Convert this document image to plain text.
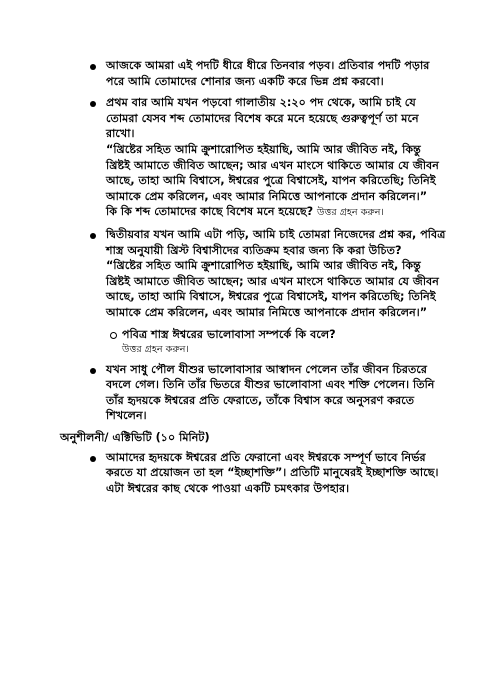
আজকে আমরা এই পদটি ধীরে ধীরে তিনবার পড়ব। প্রতিবার পদটি পড়ার পরে আমি তোমাদের শোনার জন্য একটি করে ভিন্ন প্রশ্ন করবো।

প্রথম বার আমি যখন পড়বো গালাতীয় ২:২০ পদ থেকে, আমি চাই যে তোমরা যেসব শব্দ তোমাদের বিশেষ করে মনে হয়েছে গুরুত্বপূর্ণ তা মনে রাখো।

“খ্রিষ্টের সহিত আমি ক্রুশারোপিত হইয়াছি, আমি আর জীবিত নই, কিন্তু খ্রিষ্টই আমাতে জীবিত আছেন; আর এখন মাংসে থাকিতে আমার যে জীবন আছে, তাহা আমি বিশ্বাসে, ঈশ্বরের পুত্রে বিশ্বাসেই, যাপন করিতেছি; তিনিই আমাকে প্রেম করিলেন, এবং আমার নিমিত্তে আপনাকে প্রদান করিলেন।”

কি কি শব্দ তোমাদের কাছে বিশেষ মনে হয়েছে? উত্তর গ্রহন করুন।

দ্বিতীয়বার যখন আমি এটা পড়ি, আমি চাই তোমরা নিজেদের প্রশ্ন কর, পবিত্র শাস্ত্র অনুযায়ী খ্রিস্ট বিশ্বাসীদের ব্যতিক্রম হবার জন্য কি করা উচিত?

“খ্রিষ্টের সহিত আমি ক্রুশারোপিত হইয়াছি, আমি আর জীবিত নই, কিন্তু খ্রিষ্টই আমাতে জীবিত আছেন; আর এখন মাংসে থাকিতে আমার যে জীবন আছে, তাহা আমি বিশ্বাসে, ঈশ্বরের পুত্রে বিশ্বাসেই, যাপন করিতেছি; তিনিই আমাকে প্রেম করিলেন, এবং আমার নিমিত্তে আপনাকে প্রদান করিলেন।”

পবিত্র শাস্ত্র ঈশ্বরের ভালোবাসা সম্পর্কে কি বলে?

উত্তর গ্রহন করুন।

যখন সাধু পৌল যীশুর ভালোবাসার আস্বাদন পেলেন তাঁর জীবন চিরতরে বদলে গেল। তিনি তাঁর ভিতরে যীশুর ভালোবাসা এবং শক্তি পেলেন। তিনি তাঁর হৃদয়কে ঈশ্বরের প্রতি ফেরাতে, তাঁকে বিশ্বাস করে অনুসরণ করতে শিখলেন।

অনুশীলনী/ এক্টিভিটি (১০ মিনিট)

আমাদের হৃদয়কে ঈশ্বরের প্রতি ফেরানো এবং ঈশ্বরকে সম্পূর্ণ ভাবে নির্ভর করতে যা প্রয়োজন তা হল “ইচ্ছাশক্তি”। প্রতিটি মানুষেরই ইচ্ছাশক্তি আছে। এটা ঈশ্বরের কাছ থেকে পাওয়া একটি চমৎকার উপহার।
